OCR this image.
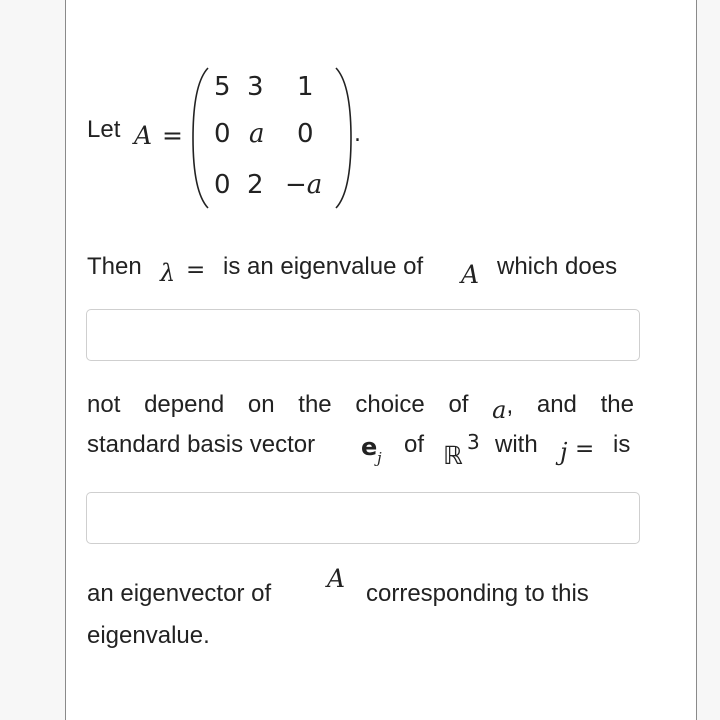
Let A =
5 3 1
0 a 0
0 2 −a
.
Then λ = is an eigenvalue of A which does
not depend on the choice of a, and the
standard basis vector e j of ℝ 3 with j = is
an eigenvector of
A
corresponding to this
eigenvalue.
